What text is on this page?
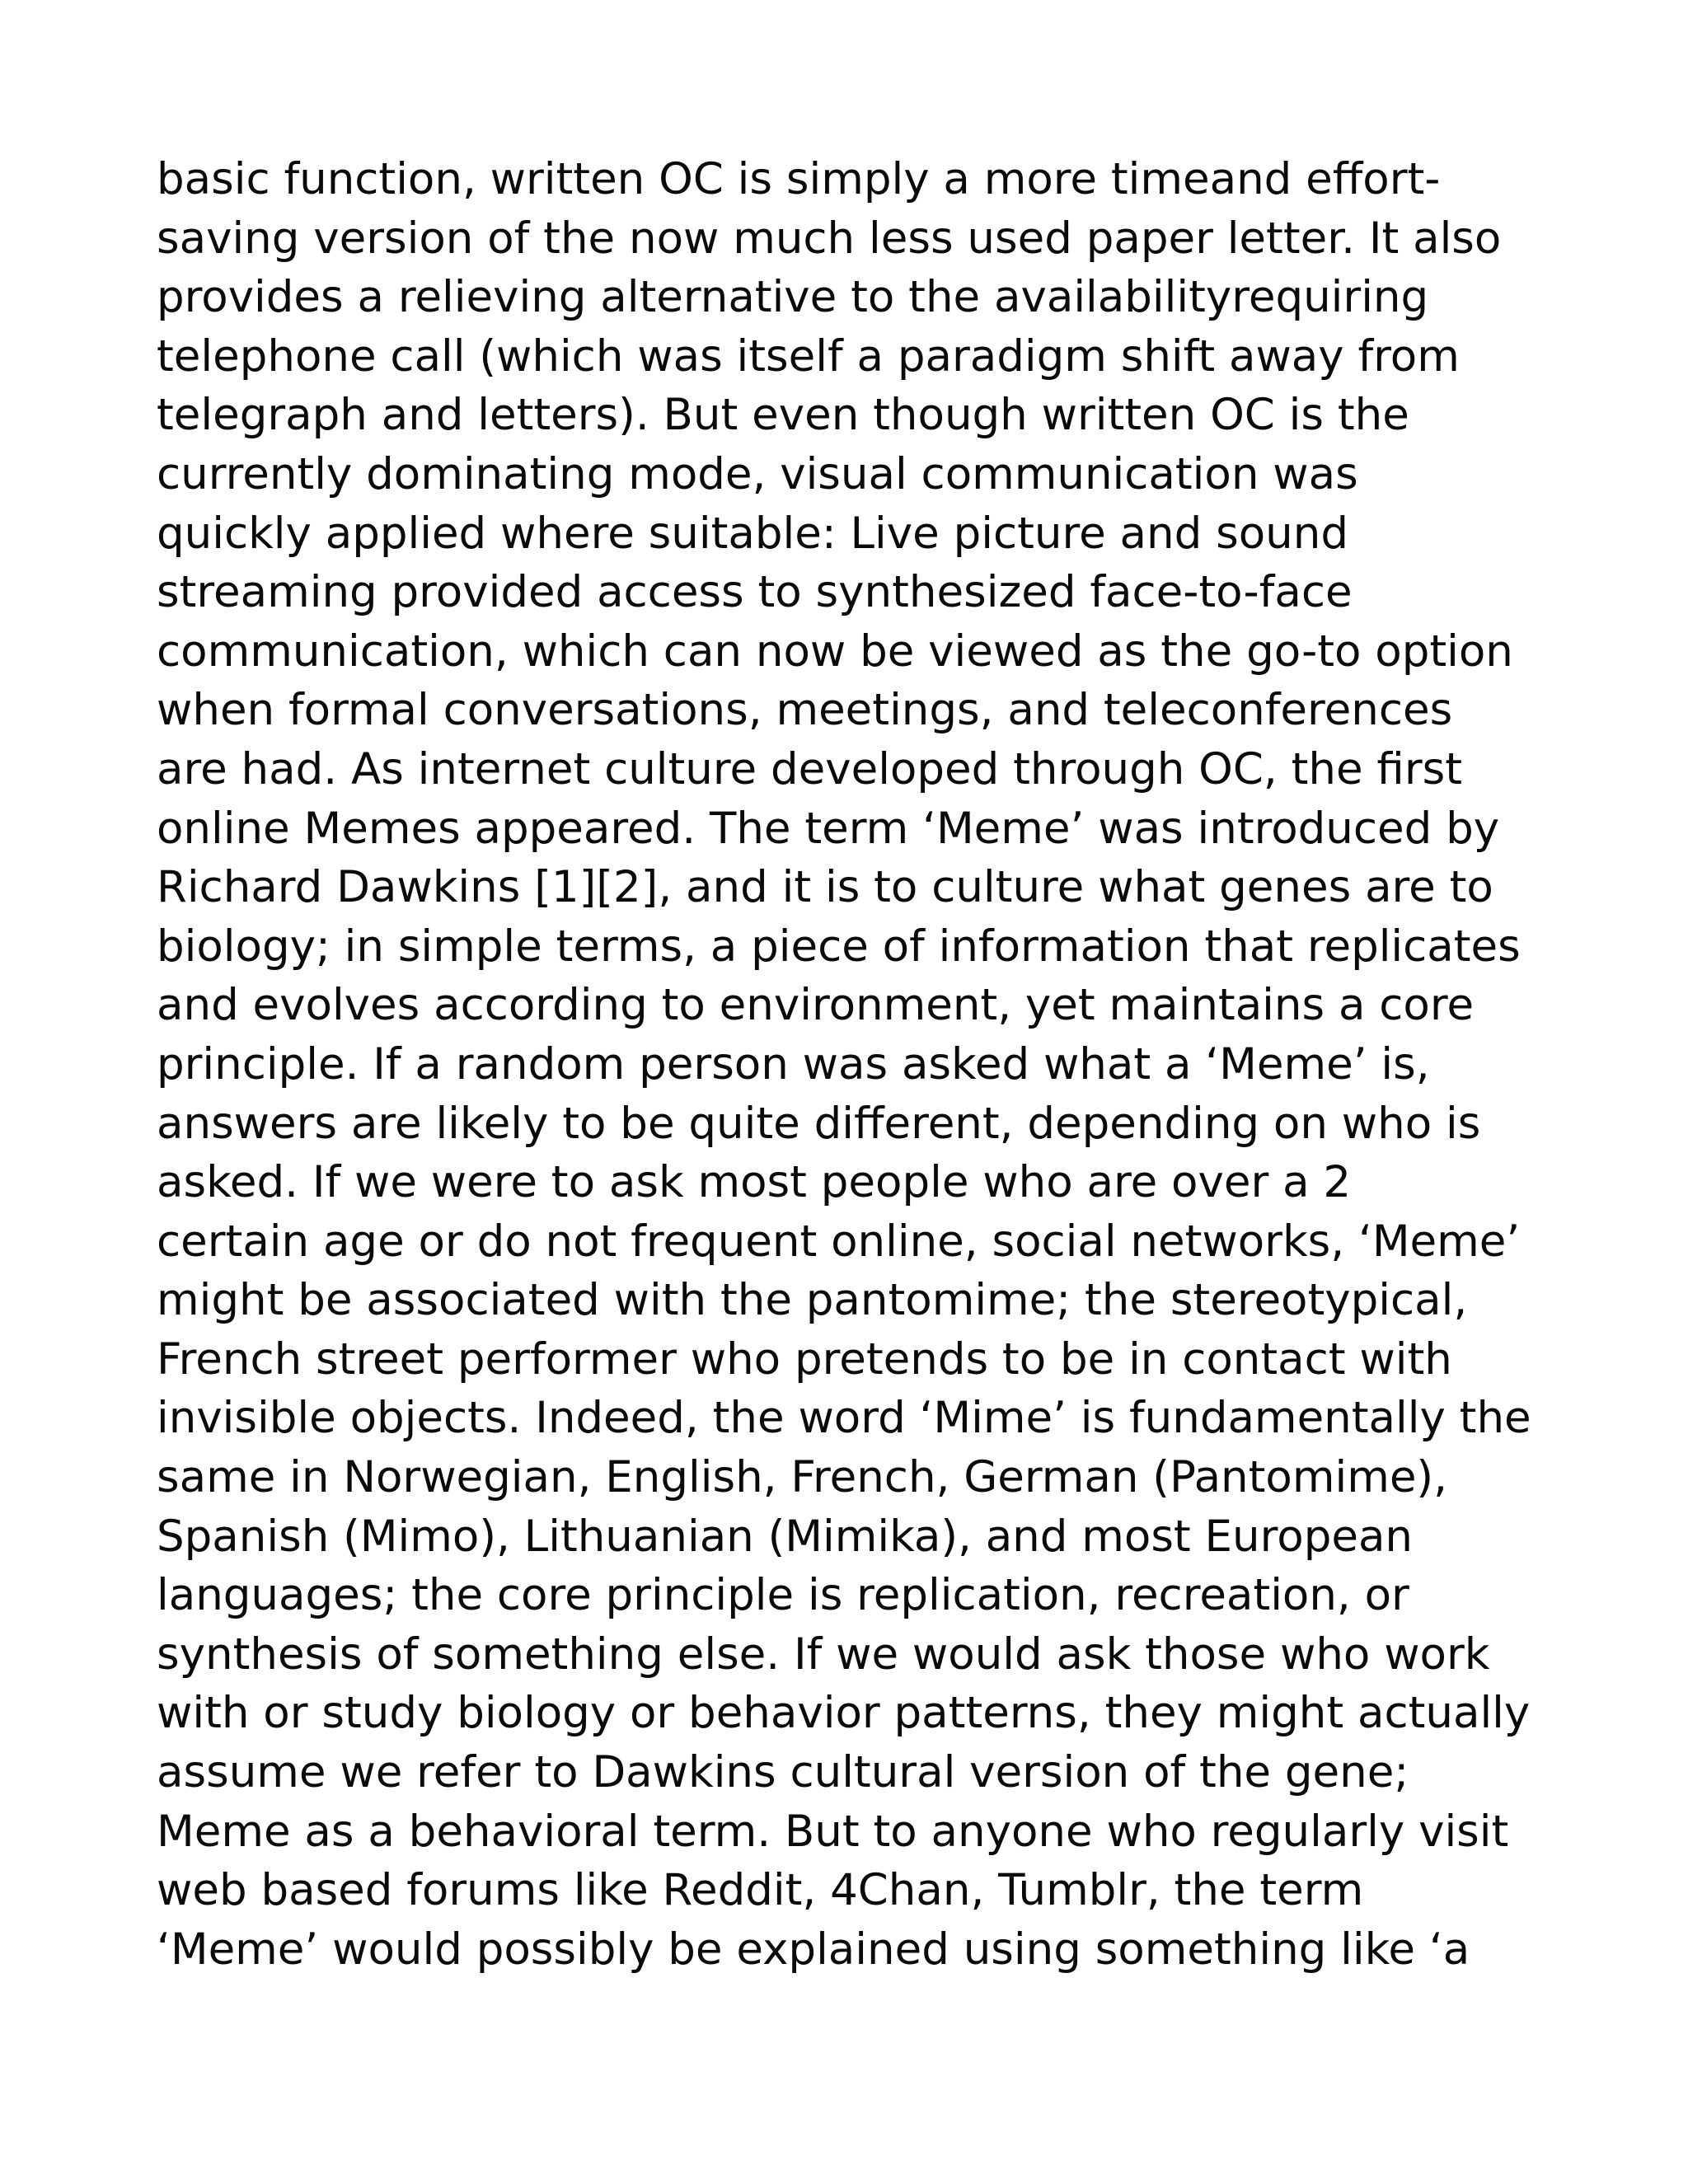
basic function, written OC is simply a more timeand effort-
saving version of the now much less used paper letter. It also
provides a relieving alternative to the availabilityrequiring
telephone call (which was itself a paradigm shift away from
telegraph and letters). But even though written OC is the
currently dominating mode, visual communication was
quickly applied where suitable: Live picture and sound
streaming provided access to synthesized face-to-face
communication, which can now be viewed as the go-to option
when formal conversations, meetings, and teleconferences
are had. As internet culture developed through OC, the first
online Memes appeared. The term ‘Meme’ was introduced by
Richard Dawkins [1][2], and it is to culture what genes are to
biology; in simple terms, a piece of information that replicates
and evolves according to environment, yet maintains a core
principle. If a random person was asked what a ‘Meme’ is,
answers are likely to be quite different, depending on who is
asked. If we were to ask most people who are over a 2
certain age or do not frequent online, social networks, ‘Meme’
might be associated with the pantomime; the stereotypical,
French street performer who pretends to be in contact with
invisible objects. Indeed, the word ‘Mime’ is fundamentally the
same in Norwegian, English, French, German (Pantomime),
Spanish (Mimo), Lithuanian (Mimika), and most European
languages; the core principle is replication, recreation, or
synthesis of something else. If we would ask those who work
with or study biology or behavior patterns, they might actually
assume we refer to Dawkins cultural version of the gene;
Meme as a behavioral term. But to anyone who regularly visit
web based forums like Reddit, 4Chan, Tumblr, the term
‘Meme’ would possibly be explained using something like ‘a
